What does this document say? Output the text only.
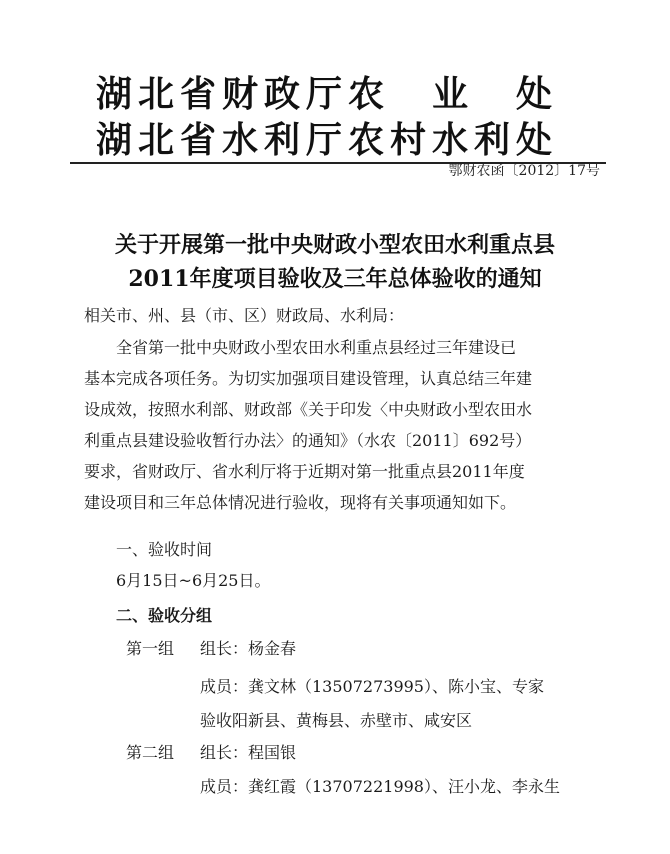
湖北省财政厅农　业　处
湖北省水利厅农村水利处
鄂财农函〔2012〕17号
关于开展第一批中央财政小型农田水利重点县
2011年度项目验收及三年总体验收的通知
相关市、州、县（市、区）财政局、水利局：
　　全省第一批中央财政小型农田水利重点县经过三年建设已
基本完成各项任务。为切实加强项目建设管理，认真总结三年建
设成效，按照水利部、财政部《关于印发〈中央财政小型农田水
利重点县建设验收暂行办法〉的通知》（水农〔2011〕692号）
要求，省财政厅、省水利厅将于近期对第一批重点县2011年度
建设项目和三年总体情况进行验收，现将有关事项通知如下。
一、验收时间
6月15日~6月25日。
二、验收分组
第一组 组长：杨金春
成员：龚文林（13507273995）、陈小宝、专家
验收阳新县、黄梅县、赤壁市、咸安区
第二组 组长：程国银
成员：龚红霞（13707221998）、汪小龙、李永生
